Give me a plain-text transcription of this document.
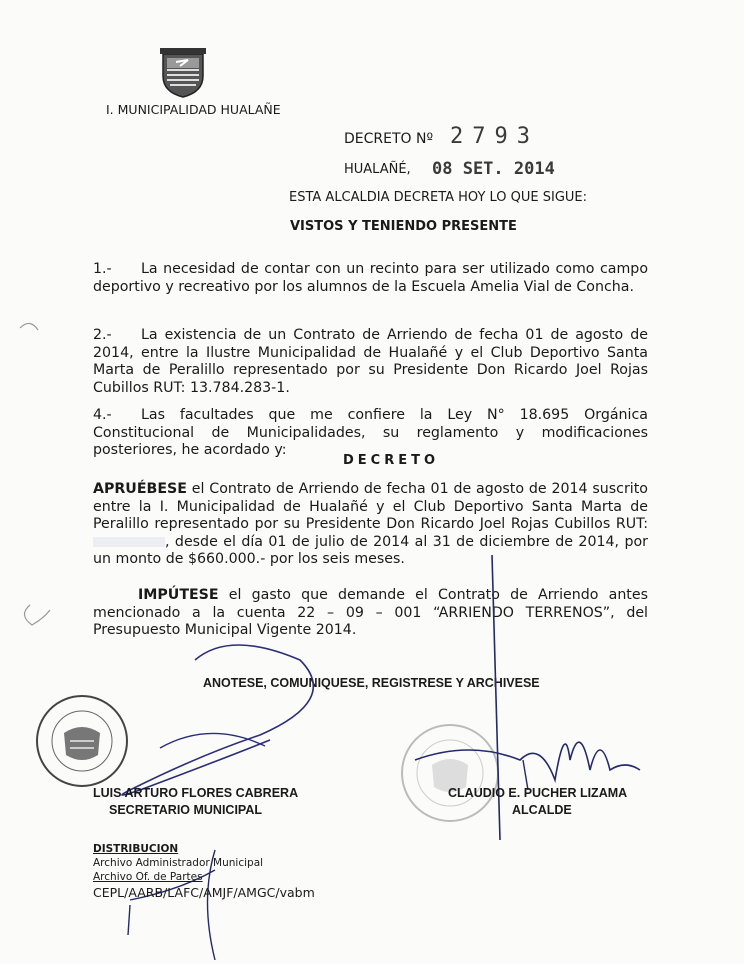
I. MUNICIPALIDAD HUALAÑE
DECRETO Nº 2793
HUALAÑÉ, 08 SET. 2014
ESTA ALCALDIA DECRETA HOY LO QUE SIGUE:
VISTOS Y TENIENDO PRESENTE
1.- La necesidad de contar con un recinto para ser utilizado como campo deportivo y recreativo por los alumnos de la Escuela Amelia Vial de Concha.
2.- La existencia de un Contrato de Arriendo de fecha 01 de agosto de 2014, entre la Ilustre Municipalidad de Hualañé y el Club Deportivo Santa Marta de Peralillo representado por su Presidente Don Ricardo Joel Rojas Cubillos RUT: 13.784.283-1.
4.- Las facultades que me confiere la Ley N° 18.695 Orgánica Constitucional de Municipalidades, su reglamento y modificaciones posteriores, he acordado y:
DECRETO
APRUÉBESE el Contrato de Arriendo de fecha 01 de agosto de 2014 suscrito entre la I. Municipalidad de Hualañé y el Club Deportivo Santa Marta de Peralillo representado por su Presidente Don Ricardo Joel Rojas Cubillos RUT: , desde el día 01 de julio de 2014 al 31 de diciembre de 2014, por un monto de $660.000.- por los seis meses.
IMPÚTESE el gasto que demande el Contrato de Arriendo antes mencionado a la cuenta 22 – 09 – 001 “ARRIENDO TERRENOS”, del Presupuesto Municipal Vigente 2014.
ANOTESE, COMUNIQUESE, REGISTRESE Y ARCHIVESE
LUIS ARTURO FLORES CABRERA
SECRETARIO MUNICIPAL
CLAUDIO E. PUCHER LIZAMA
ALCALDE
DISTRIBUCION
Archivo Administrador Municipal
Archivo Of. de Partes
CEPL/AARB/LAFC/AMJF/AMGC/vabm
